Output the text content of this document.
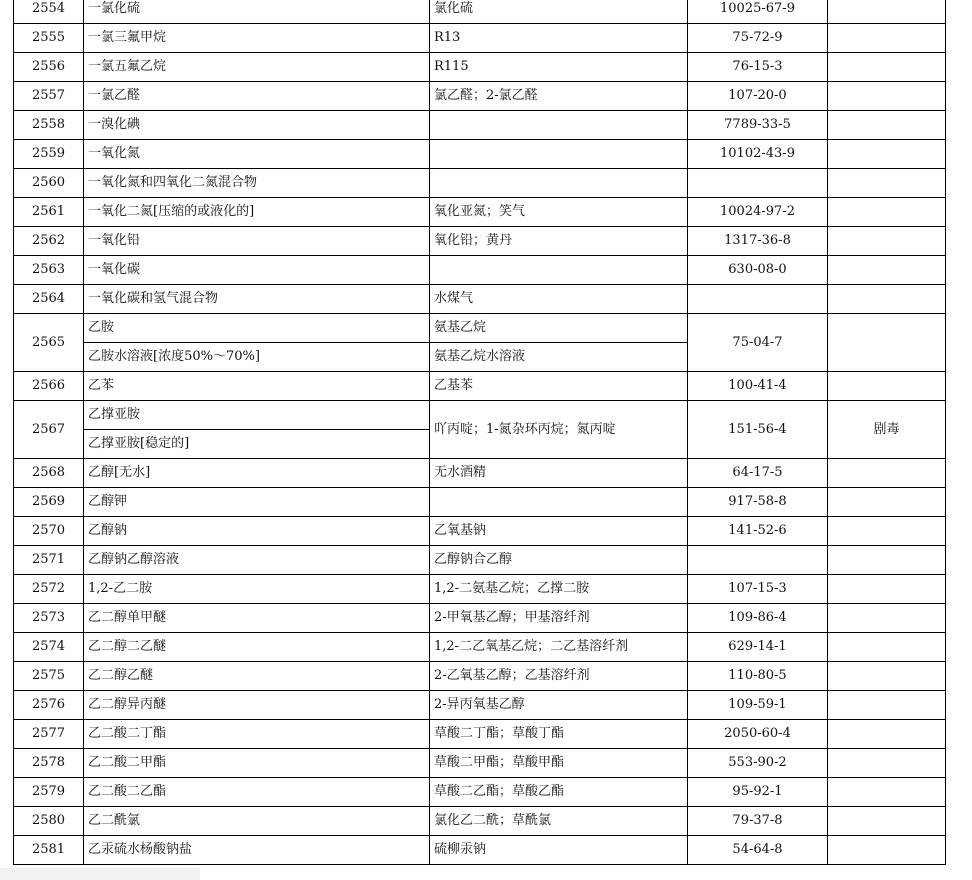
2554	一氯化硫	氯化硫	10025-67-9	
2555	一氯三氟甲烷	R13	75-72-9	
2556	一氯五氟乙烷	R115	76-15-3	
2557	一氯乙醛	氯乙醛；2-氯乙醛	107-20-0	
2558	一溴化碘		7789-33-5	
2559	一氧化氮		10102-43-9	
2560	一氧化氮和四氧化二氮混合物			
2561	一氧化二氮[压缩的或液化的]	氧化亚氮；笑气	10024-97-2	
2562	一氧化铅	氧化铅；黄丹	1317-36-8	
2563	一氧化碳		630-08-0	
2564	一氧化碳和氢气混合物	水煤气		
2565	乙胺	氨基乙烷	75-04-7	
	乙胺水溶液[浓度50%～70%]	氨基乙烷水溶液		
2566	乙苯	乙基苯	100-41-4	
2567	乙撑亚胺	吖丙啶；1-氮杂环丙烷；氮丙啶	151-56-4	剧毒
	乙撑亚胺[稳定的]			
2568	乙醇[无水]	无水酒精	64-17-5	
2569	乙醇钾		917-58-8	
2570	乙醇钠	乙氧基钠	141-52-6	
2571	乙醇钠乙醇溶液	乙醇钠合乙醇		
2572	1,2-乙二胺	1,2-二氨基乙烷；乙撑二胺	107-15-3	
2573	乙二醇单甲醚	2-甲氧基乙醇；甲基溶纤剂	109-86-4	
2574	乙二醇二乙醚	1,2-二乙氧基乙烷；二乙基溶纤剂	629-14-1	
2575	乙二醇乙醚	2-乙氧基乙醇；乙基溶纤剂	110-80-5	
2576	乙二醇异丙醚	2-异丙氧基乙醇	109-59-1	
2577	乙二酸二丁酯	草酸二丁酯；草酸丁酯	2050-60-4	
2578	乙二酸二甲酯	草酸二甲酯；草酸甲酯	553-90-2	
2579	乙二酸二乙酯	草酸二乙酯；草酸乙酯	95-92-1	
2580	乙二酰氯	氯化乙二酰；草酰氯	79-37-8	
2581	乙汞硫水杨酸钠盐	硫柳汞钠	54-64-8	
